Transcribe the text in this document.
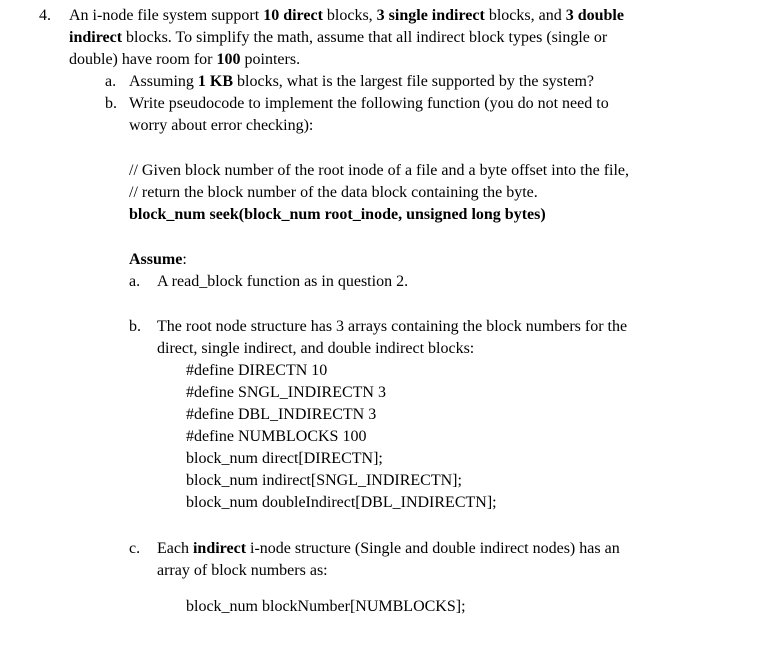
4. An i-node file system support 10 direct blocks, 3 single indirect blocks, and 3 double
indirect blocks. To simplify the math, assume that all indirect block types (single or
double) have room for 100 pointers.
a. Assuming 1 KB blocks, what is the largest file supported by the system?
b. Write pseudocode to implement the following function (you do not need to
worry about error checking):
// Given block number of the root inode of a file and a byte offset into the file,
// return the block number of the data block containing the byte.
block_num seek(block_num root_inode, unsigned long bytes)
Assume:
a. A read_block function as in question 2.
b. The root node structure has 3 arrays containing the block numbers for the
direct, single indirect, and double indirect blocks:
#define DIRECTN 10
#define SNGL_INDIRECTN 3
#define DBL_INDIRECTN 3
#define NUMBLOCKS 100
block_num direct[DIRECTN];
block_num indirect[SNGL_INDIRECTN];
block_num doubleIndirect[DBL_INDIRECTN];
c. Each indirect i-node structure (Single and double indirect nodes) has an
array of block numbers as:
block_num blockNumber[NUMBLOCKS];
